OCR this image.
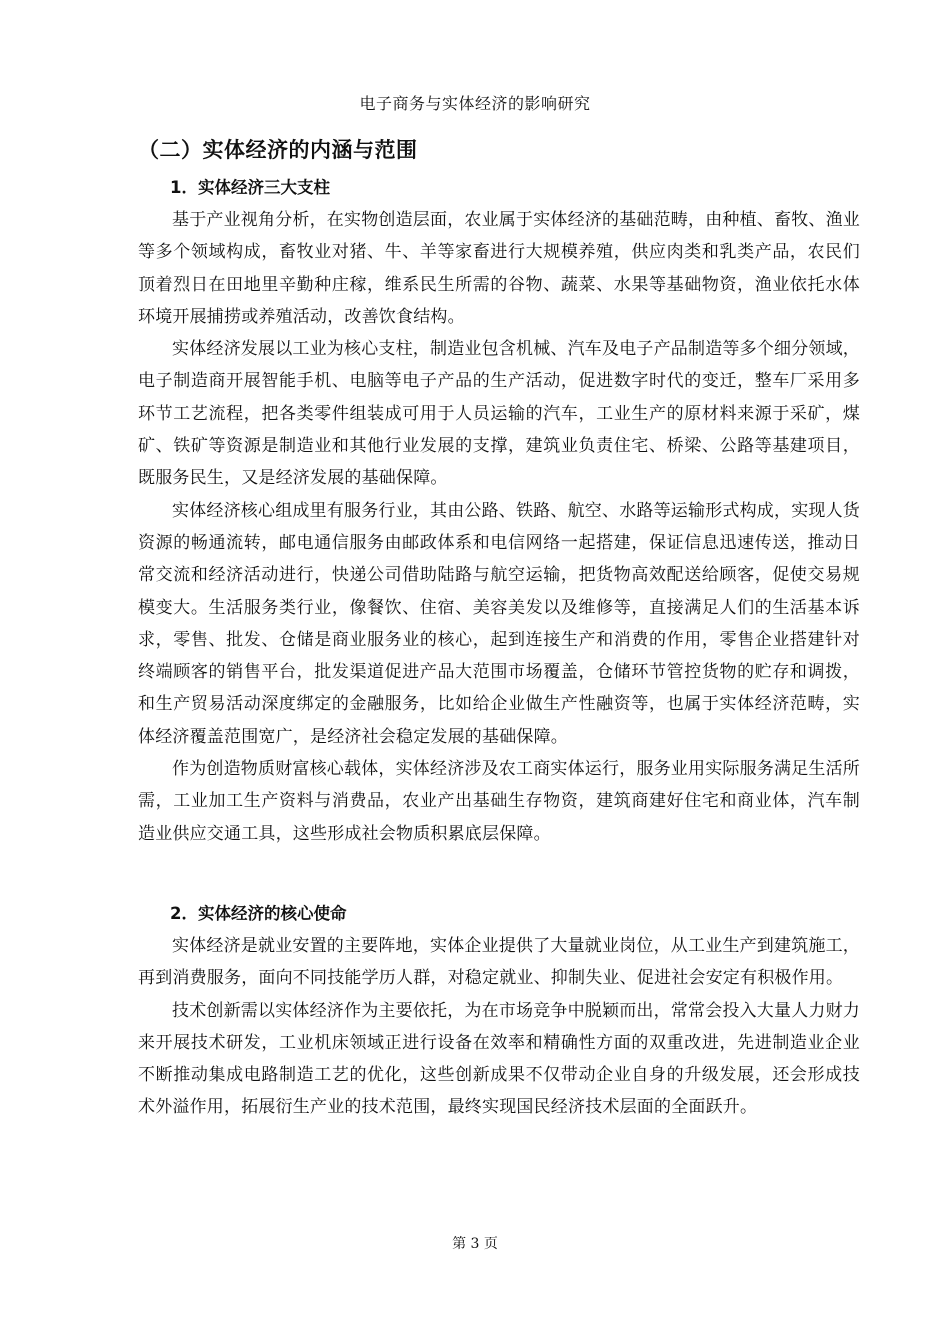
电子商务与实体经济的影响研究
（二）实体经济的内涵与范围
1．实体经济三大支柱

基于产业视角分析，在实物创造层面，农业属于实体经济的基础范畴，由种植、畜牧、渔业等多个领域构成，畜牧业对猪、牛、羊等家畜进行大规模养殖，供应肉类和乳类产品，农民们顶着烈日在田地里辛勤种庄稼，维系民生所需的谷物、蔬菜、水果等基础物资，渔业依托水体环境开展捕捞或养殖活动，改善饮食结构。

实体经济发展以工业为核心支柱，制造业包含机械、汽车及电子产品制造等多个细分领域，电子制造商开展智能手机、电脑等电子产品的生产活动，促进数字时代的变迁，整车厂采用多环节工艺流程，把各类零件组装成可用于人员运输的汽车，工业生产的原材料来源于采矿，煤矿、铁矿等资源是制造业和其他行业发展的支撑，建筑业负责住宅、桥梁、公路等基建项目，既服务民生，又是经济发展的基础保障。

实体经济核心组成里有服务行业，其由公路、铁路、航空、水路等运输形式构成，实现人货资源的畅通流转，邮电通信服务由邮政体系和电信网络一起搭建，保证信息迅速传送，推动日常交流和经济活动进行，快递公司借助陆路与航空运输，把货物高效配送给顾客，促使交易规模变大。生活服务类行业，像餐饮、住宿、美容美发以及维修等，直接满足人们的生活基本诉求，零售、批发、仓储是商业服务业的核心，起到连接生产和消费的作用，零售企业搭建针对终端顾客的销售平台，批发渠道促进产品大范围市场覆盖，仓储环节管控货物的贮存和调拨，和生产贸易活动深度绑定的金融服务，比如给企业做生产性融资等，也属于实体经济范畴，实体经济覆盖范围宽广，是经济社会稳定发展的基础保障。

作为创造物质财富核心载体，实体经济涉及农工商实体运行，服务业用实际服务满足生活所需，工业加工生产资料与消费品，农业产出基础生存物资，建筑商建好住宅和商业体，汽车制造业供应交通工具，这些形成社会物质积累底层保障。

2．实体经济的核心使命

实体经济是就业安置的主要阵地，实体企业提供了大量就业岗位，从工业生产到建筑施工，再到消费服务，面向不同技能学历人群，对稳定就业、抑制失业、促进社会安定有积极作用。

技术创新需以实体经济作为主要依托，为在市场竞争中脱颖而出，常常会投入大量人力财力来开展技术研发，工业机床领域正进行设备在效率和精确性方面的双重改进，先进制造业企业不断推动集成电路制造工艺的优化，这些创新成果不仅带动企业自身的升级发展，还会形成技术外溢作用，拓展衍生产业的技术范围，最终实现国民经济技术层面的全面跃升。

第 3 页
